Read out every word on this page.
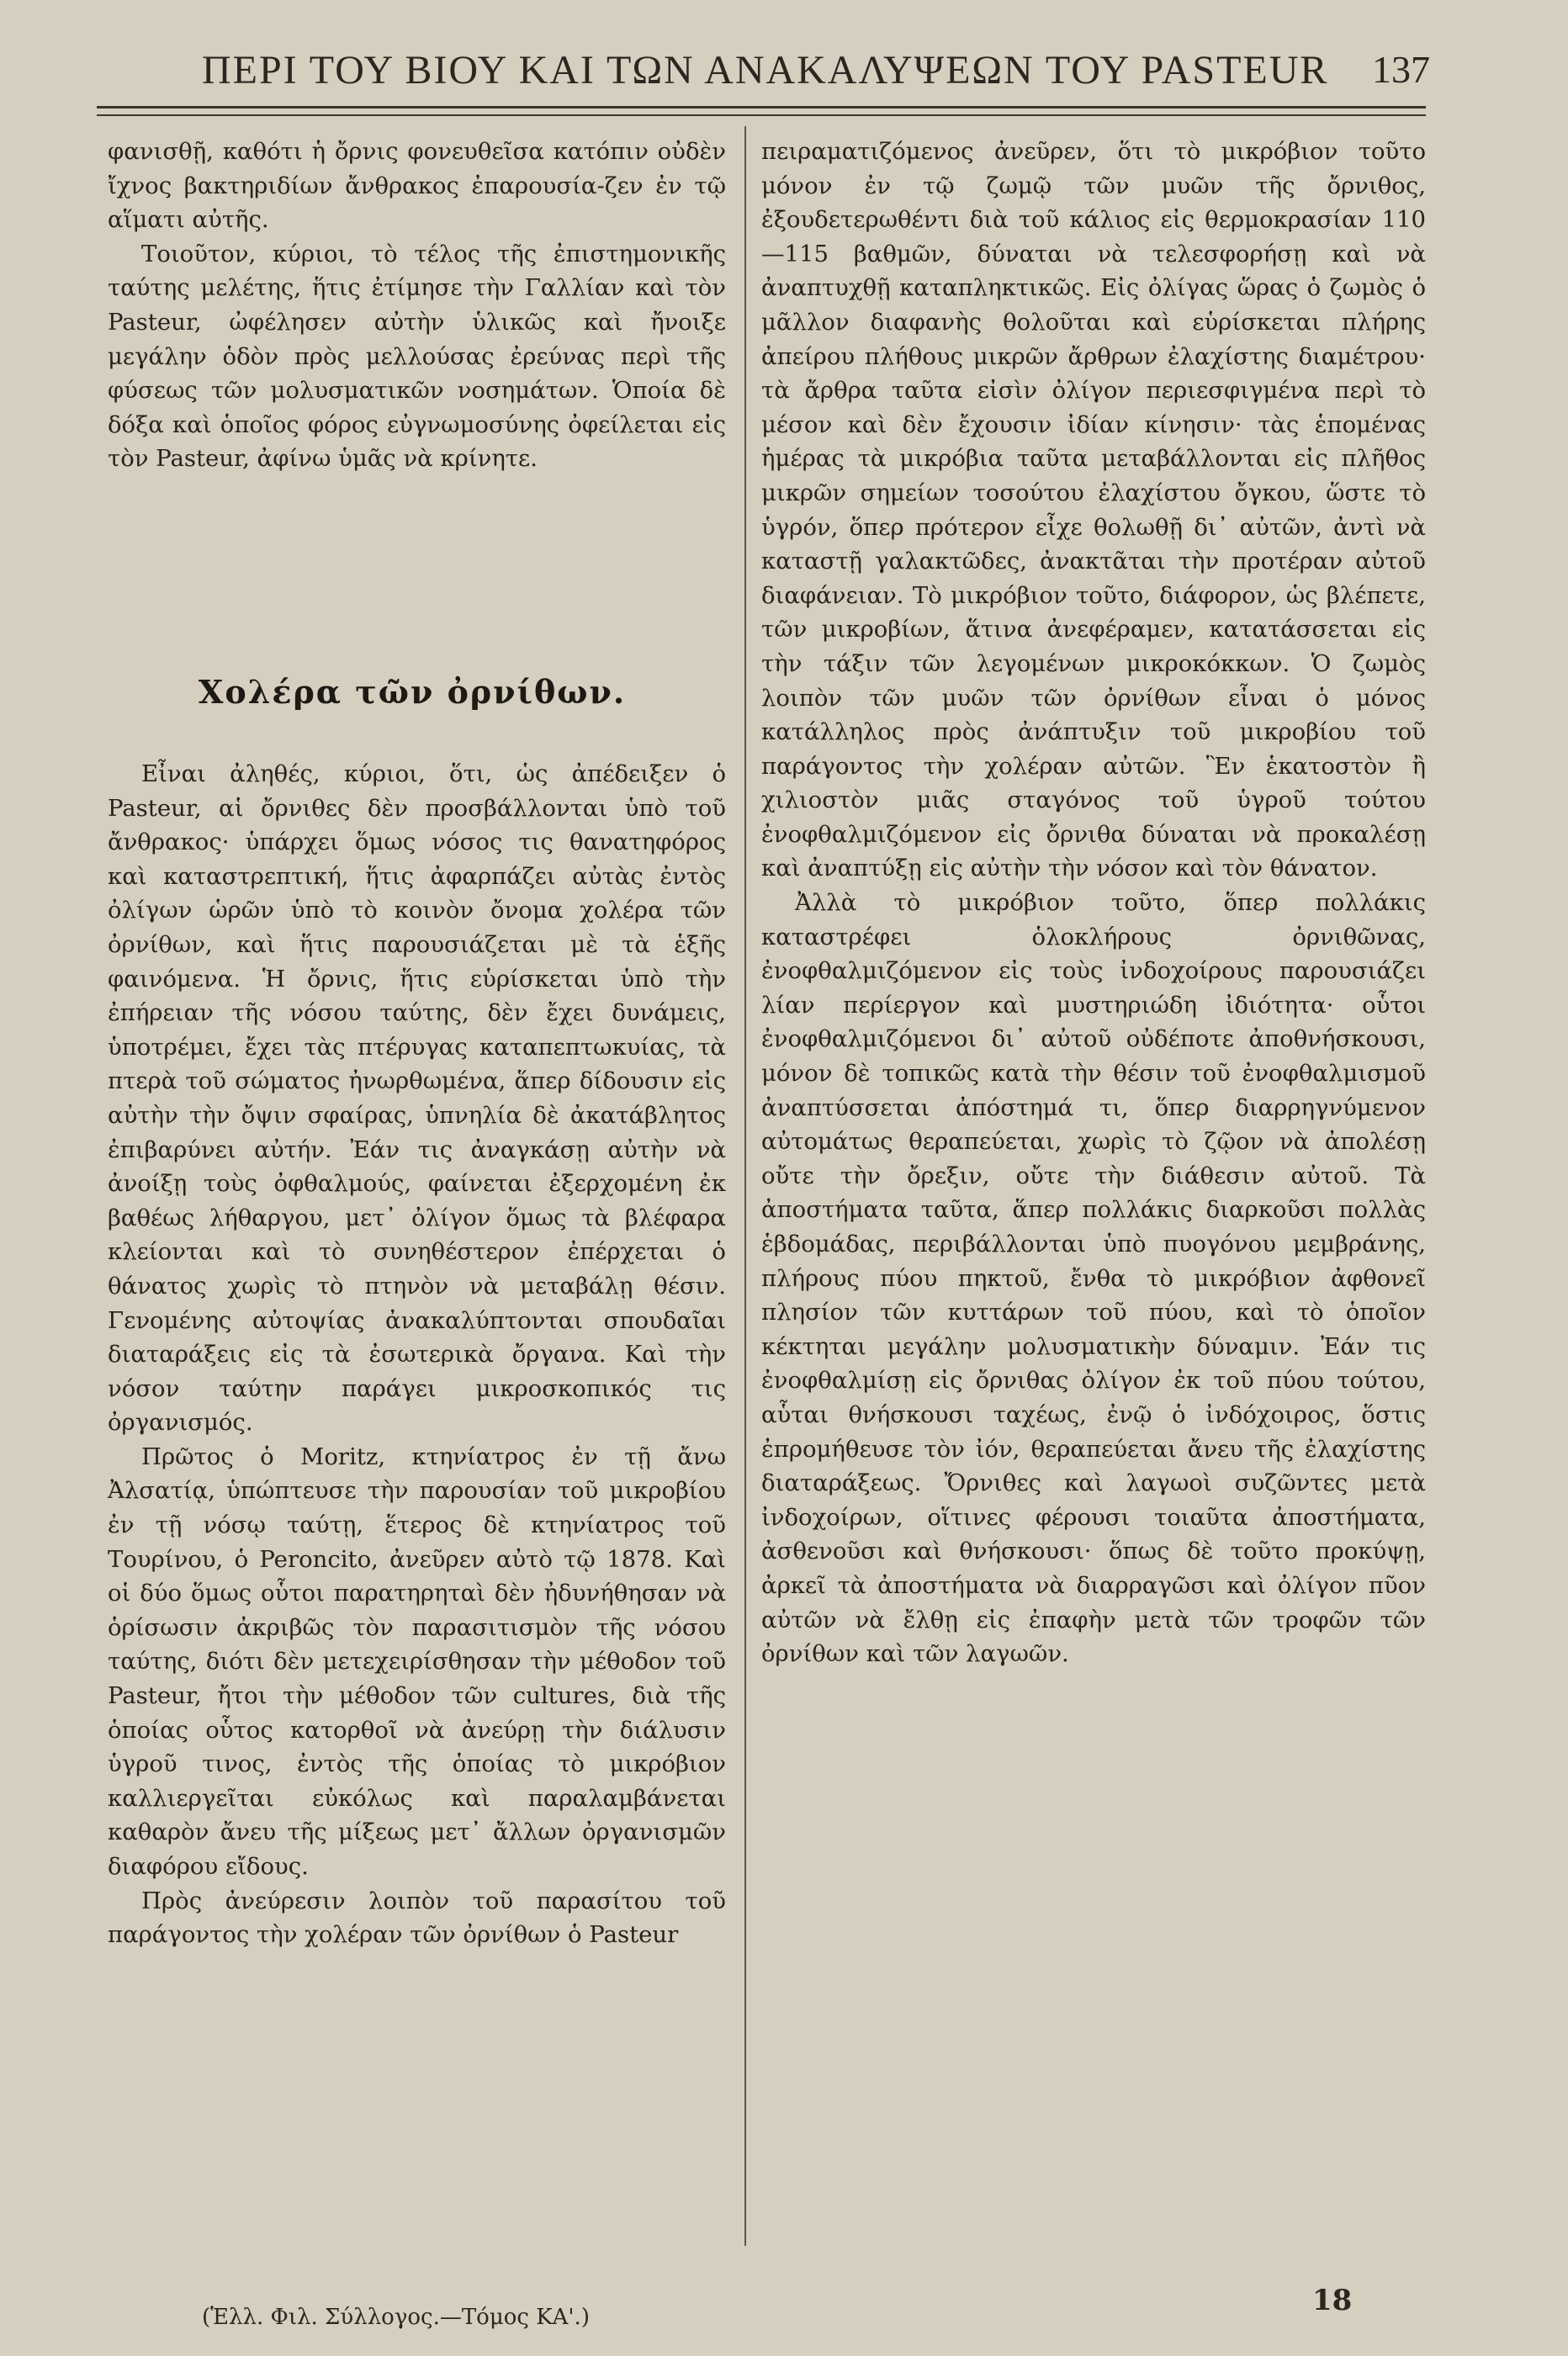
ΠΕΡΙ ΤΟΥ ΒΙΟΥ ΚΑΙ ΤΩΝ ΑΝΑΚΑΛΥΨΕΩΝ ΤΟΥ PASTEUR 137

φανισθῇ, καθότι ἡ ὄρνις φονευθεῖσα κατόπιν οὐδὲν ἴχνος βακτηριδίων ἄνθρακος ἐπαρουσία-ζεν ἐν τῷ αἵματι αὐτῆς.

Τοιοῦτον, κύριοι, τὸ τέλος τῆς ἐπιστημονικῆς ταύτης μελέτης, ἥτις ἐτίμησε τὴν Γαλλίαν καὶ τὸν Pasteur, ὠφέλησεν αὐτὴν ὑλικῶς καὶ ἤνοιξε μεγάλην ὁδὸν πρὸς μελλούσας ἐρεύνας περὶ τῆς φύσεως τῶν μολυσματικῶν νοσημάτων. Ὁποία δὲ δόξα καὶ ὁποῖος φόρος εὐγνωμοσύνης ὀφείλεται εἰς τὸν Pasteur, ἀφίνω ὑμᾶς νὰ κρίνητε.

Χολέρα τῶν ὀρνίθων.

Εἶναι ἀληθές, κύριοι, ὅτι, ὡς ἀπέδειξεν ὁ Pasteur, αἱ ὄρνιθες δὲν προσβάλλονται ὑπὸ τοῦ ἄνθρακος· ὑπάρχει ὅμως νόσος τις θανατηφόρος καὶ καταστρεπτική, ἥτις ἀφαρπάζει αὐτὰς ἐντὸς ὀλίγων ὡρῶν ὑπὸ τὸ κοινὸν ὄνομα χολέρα τῶν ὀρνίθων, καὶ ἥτις παρουσιάζεται μὲ τὰ ἑξῆς φαινόμενα. Ἡ ὄρνις, ἥτις εὑρίσκεται ὑπὸ τὴν ἐπήρειαν τῆς νόσου ταύτης, δὲν ἔχει δυνάμεις, ὑποτρέμει, ἔχει τὰς πτέρυγας καταπεπτωκυίας, τὰ πτερὰ τοῦ σώματος ἠνωρθωμένα, ἅπερ δίδουσιν εἰς αὐτὴν τὴν ὄψιν σφαίρας, ὑπνηλία δὲ ἀκατάβλητος ἐπιβαρύνει αὐτήν. Ἐάν τις ἀναγκάσῃ αὐτὴν νὰ ἀνοίξῃ τοὺς ὀφθαλμούς, φαίνεται ἐξερχομένη ἐκ βαθέως λήθαργου, μετ᾽ ὀλίγον ὅμως τὰ βλέφαρα κλείονται καὶ τὸ συνηθέστερον ἐπέρχεται ὁ θάνατος χωρὶς τὸ πτηνὸν νὰ μεταβάλῃ θέσιν. Γενομένης αὐτοψίας ἀνακαλύπτονται σπουδαῖαι διαταράξεις εἰς τὰ ἐσωτερικὰ ὄργανα. Καὶ τὴν νόσον ταύτην παράγει μικροσκοπικός τις ὀργανισμός.

Πρῶτος ὁ Moritz, κτηνίατρος ἐν τῇ ἄνω Ἀλσατίᾳ, ὑπώπτευσε τὴν παρουσίαν τοῦ μικροβίου ἐν τῇ νόσῳ ταύτῃ, ἕτερος δὲ κτηνίατρος τοῦ Τουρίνου, ὁ Peroncito, ἀνεῦρεν αὐτὸ τῷ 1878. Καὶ οἱ δύο ὅμως οὗτοι παρατηρηταὶ δὲν ἠδυνήθησαν νὰ ὁρίσωσιν ἀκριβῶς τὸν παρασιτισμὸν τῆς νόσου ταύτης, διότι δὲν μετεχειρίσθησαν τὴν μέθοδον τοῦ Pasteur, ἤτοι τὴν μέθοδον τῶν cultures, διὰ τῆς ὁποίας οὗτος κατορθοῖ νὰ ἀνεύρῃ τὴν διάλυσιν ὑγροῦ τινος, ἐντὸς τῆς ὁποίας τὸ μικρόβιον καλλιεργεῖται εὐκόλως καὶ παραλαμβάνεται καθαρὸν ἄνευ τῆς μίξεως μετ᾽ ἄλλων ὀργανισμῶν διαφόρου εἴδους.

Πρὸς ἀνεύρεσιν λοιπὸν τοῦ παρασίτου τοῦ παράγοντος τὴν χολέραν τῶν ὀρνίθων ὁ Pasteur

πειραματιζόμενος ἀνεῦρεν, ὅτι τὸ μικρόβιον τοῦτο μόνον ἐν τῷ ζωμῷ τῶν μυῶν τῆς ὄρνιθος, ἐξουδετερωθέντι διὰ τοῦ κάλιος εἰς θερμοκρασίαν 110—115 βαθμῶν, δύναται νὰ τελεσφορήσῃ καὶ νὰ ἀναπτυχθῇ καταπληκτικῶς. Εἰς ὀλίγας ὥρας ὁ ζωμὸς ὁ μᾶλλον διαφανὴς θολοῦται καὶ εὑρίσκεται πλήρης ἀπείρου πλήθους μικρῶν ἄρθρων ἐλαχίστης διαμέτρου· τὰ ἄρθρα ταῦτα εἰσὶν ὀλίγον περιεσφιγμένα περὶ τὸ μέσον καὶ δὲν ἔχουσιν ἰδίαν κίνησιν· τὰς ἑπομένας ἡμέρας τὰ μικρόβια ταῦτα μεταβάλλονται εἰς πλῆθος μικρῶν σημείων τοσούτου ἐλαχίστου ὄγκου, ὥστε τὸ ὑγρόν, ὅπερ πρότερον εἶχε θολωθῇ δι᾽ αὐτῶν, ἀντὶ νὰ καταστῇ γαλακτῶδες, ἀνακτᾶται τὴν προτέραν αὐτοῦ διαφάνειαν. Τὸ μικρόβιον τοῦτο, διάφορον, ὡς βλέπετε, τῶν μικροβίων, ἅτινα ἀνεφέραμεν, κατατάσσεται εἰς τὴν τάξιν τῶν λεγομένων μικροκόκκων. Ὁ ζωμὸς λοιπὸν τῶν μυῶν τῶν ὀρνίθων εἶναι ὁ μόνος κατάλληλος πρὸς ἀνάπτυξιν τοῦ μικροβίου τοῦ παράγοντος τὴν χολέραν αὐτῶν. Ἓν ἑκατοστὸν ἢ χιλιοστὸν μιᾶς σταγόνος τοῦ ὑγροῦ τούτου ἐνοφθαλμιζόμενον εἰς ὄρνιθα δύναται νὰ προκαλέσῃ καὶ ἀναπτύξῃ εἰς αὐτὴν τὴν νόσον καὶ τὸν θάνατον.

Ἀλλὰ τὸ μικρόβιον τοῦτο, ὅπερ πολλάκις καταστρέφει ὁλοκλήρους ὀρνιθῶνας, ἐνοφθαλμιζόμενον εἰς τοὺς ἰνδοχοίρους παρουσιάζει λίαν περίεργον καὶ μυστηριώδη ἰδιότητα· οὗτοι ἐνοφθαλμιζόμενοι δι᾽ αὐτοῦ οὐδέποτε ἀποθνήσκουσι, μόνον δὲ τοπικῶς κατὰ τὴν θέσιν τοῦ ἐνοφθαλμισμοῦ ἀναπτύσσεται ἀπόστημά τι, ὅπερ διαρρηγνύμενον αὐτομάτως θεραπεύεται, χωρὶς τὸ ζῷον νὰ ἀπολέσῃ οὔτε τὴν ὄρεξιν, οὔτε τὴν διάθεσιν αὐτοῦ. Τὰ ἀποστήματα ταῦτα, ἅπερ πολλάκις διαρκοῦσι πολλὰς ἑβδομάδας, περιβάλλονται ὑπὸ πυογόνου μεμβράνης, πλήρους πύου πηκτοῦ, ἔνθα τὸ μικρόβιον ἀφθονεῖ πλησίον τῶν κυττάρων τοῦ πύου, καὶ τὸ ὁποῖον κέκτηται μεγάλην μολυσματικὴν δύναμιν. Ἐάν τις ἐνοφθαλμίσῃ εἰς ὄρνιθας ὀλίγον ἐκ τοῦ πύου τούτου, αὗται θνήσκουσι ταχέως, ἐνῷ ὁ ἰνδόχοιρος, ὅστις ἐπρομήθευσε τὸν ἰόν, θεραπεύεται ἄνευ τῆς ἐλαχίστης διαταράξεως. Ὄρνιθες καὶ λαγωοὶ συζῶντες μετὰ ἰνδοχοίρων, οἵτινες φέρουσι τοιαῦτα ἀποστήματα, ἀσθενοῦσι καὶ θνήσκουσι· ὅπως δὲ τοῦτο προκύψῃ, ἀρκεῖ τὰ ἀποστήματα νὰ διαρραγῶσι καὶ ὀλίγον πῦον αὐτῶν νὰ ἔλθῃ εἰς ἐπαφὴν μετὰ τῶν τροφῶν τῶν ὀρνίθων καὶ τῶν λαγωῶν.

(Ἑλλ. Φιλ. Σύλλογος.—Τόμος ΚΑ'.)	18
